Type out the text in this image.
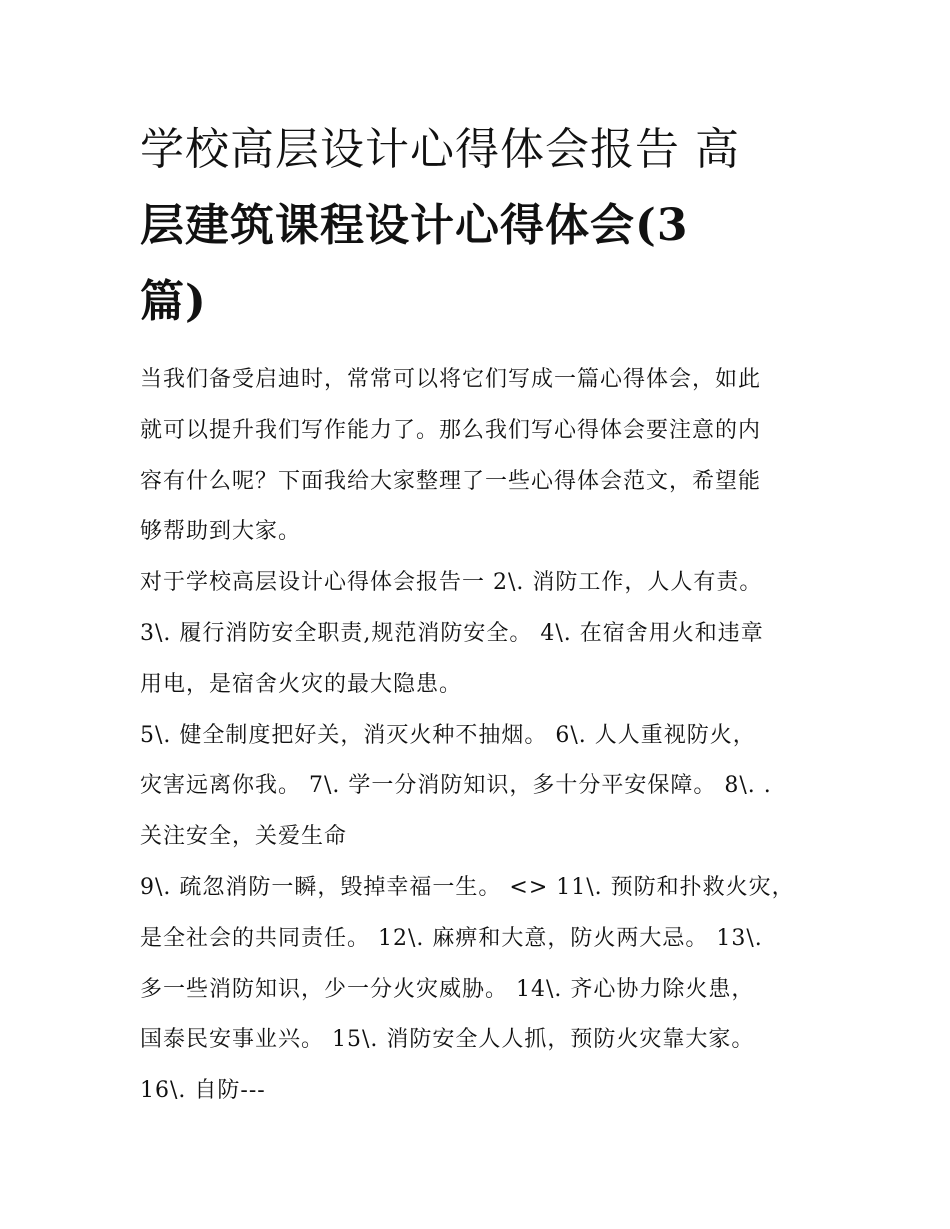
学校高层设计心得体会报告 高
层建筑课程设计心得体会(3
篇)

当我们备受启迪时，常常可以将它们写成一篇心得体会，如此
就可以提升我们写作能力了。那么我们写心得体会要注意的内
容有什么呢？下面我给大家整理了一些心得体会范文，希望能
够帮助到大家。

对于学校高层设计心得体会报告一 2\. 消防工作，人人有责。
3\. 履行消防安全职责,规范消防安全。 4\. 在宿舍用火和违章
用电，是宿舍火灾的最大隐患。

5\. 健全制度把好关，消灭火种不抽烟。 6\. 人人重视防火，
灾害远离你我。 7\. 学一分消防知识，多十分平安保障。 8\. .
关注安全，关爱生命

9\. 疏忽消防一瞬，毁掉幸福一生。 <> 11\. 预防和扑救火灾，
是全社会的共同责任。 12\. 麻痹和大意，防火两大忌。 13\.
多一些消防知识，少一分火灾威胁。 14\. 齐心协力除火患，
国泰民安事业兴。 15\. 消防安全人人抓，预防火灾靠大家。
16\. 自防---
